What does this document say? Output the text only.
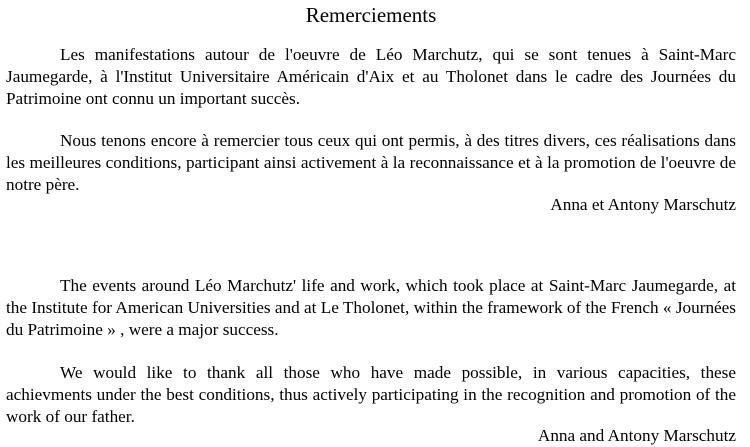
Remerciements

Les manifestations autour de l'oeuvre de Léo Marchutz, qui se sont tenues à Saint-Marc Jaumegarde, à l'Institut Universitaire Américain d'Aix et au Tholonet dans le cadre des Journées du Patrimoine ont connu un important succès.

Nous tenons encore à remercier tous ceux qui ont permis, à des titres divers, ces réalisations dans les meilleures conditions, participant ainsi activement à la reconnaissance et à la promotion de l'oeuvre de notre père.

Anna et Antony Marschutz

The events around Léo Marchutz' life and work, which took place at Saint-Marc Jaumegarde, at the Institute for American Universities and at Le Tholonet, within the framework of the French « Journées du Patrimoine » , were a major success.

We would like to thank all those who have made possible, in various capacities, these achievments under the best conditions, thus actively participating in the recognition and promotion of the work of our father.

Anna and Antony Marschutz
